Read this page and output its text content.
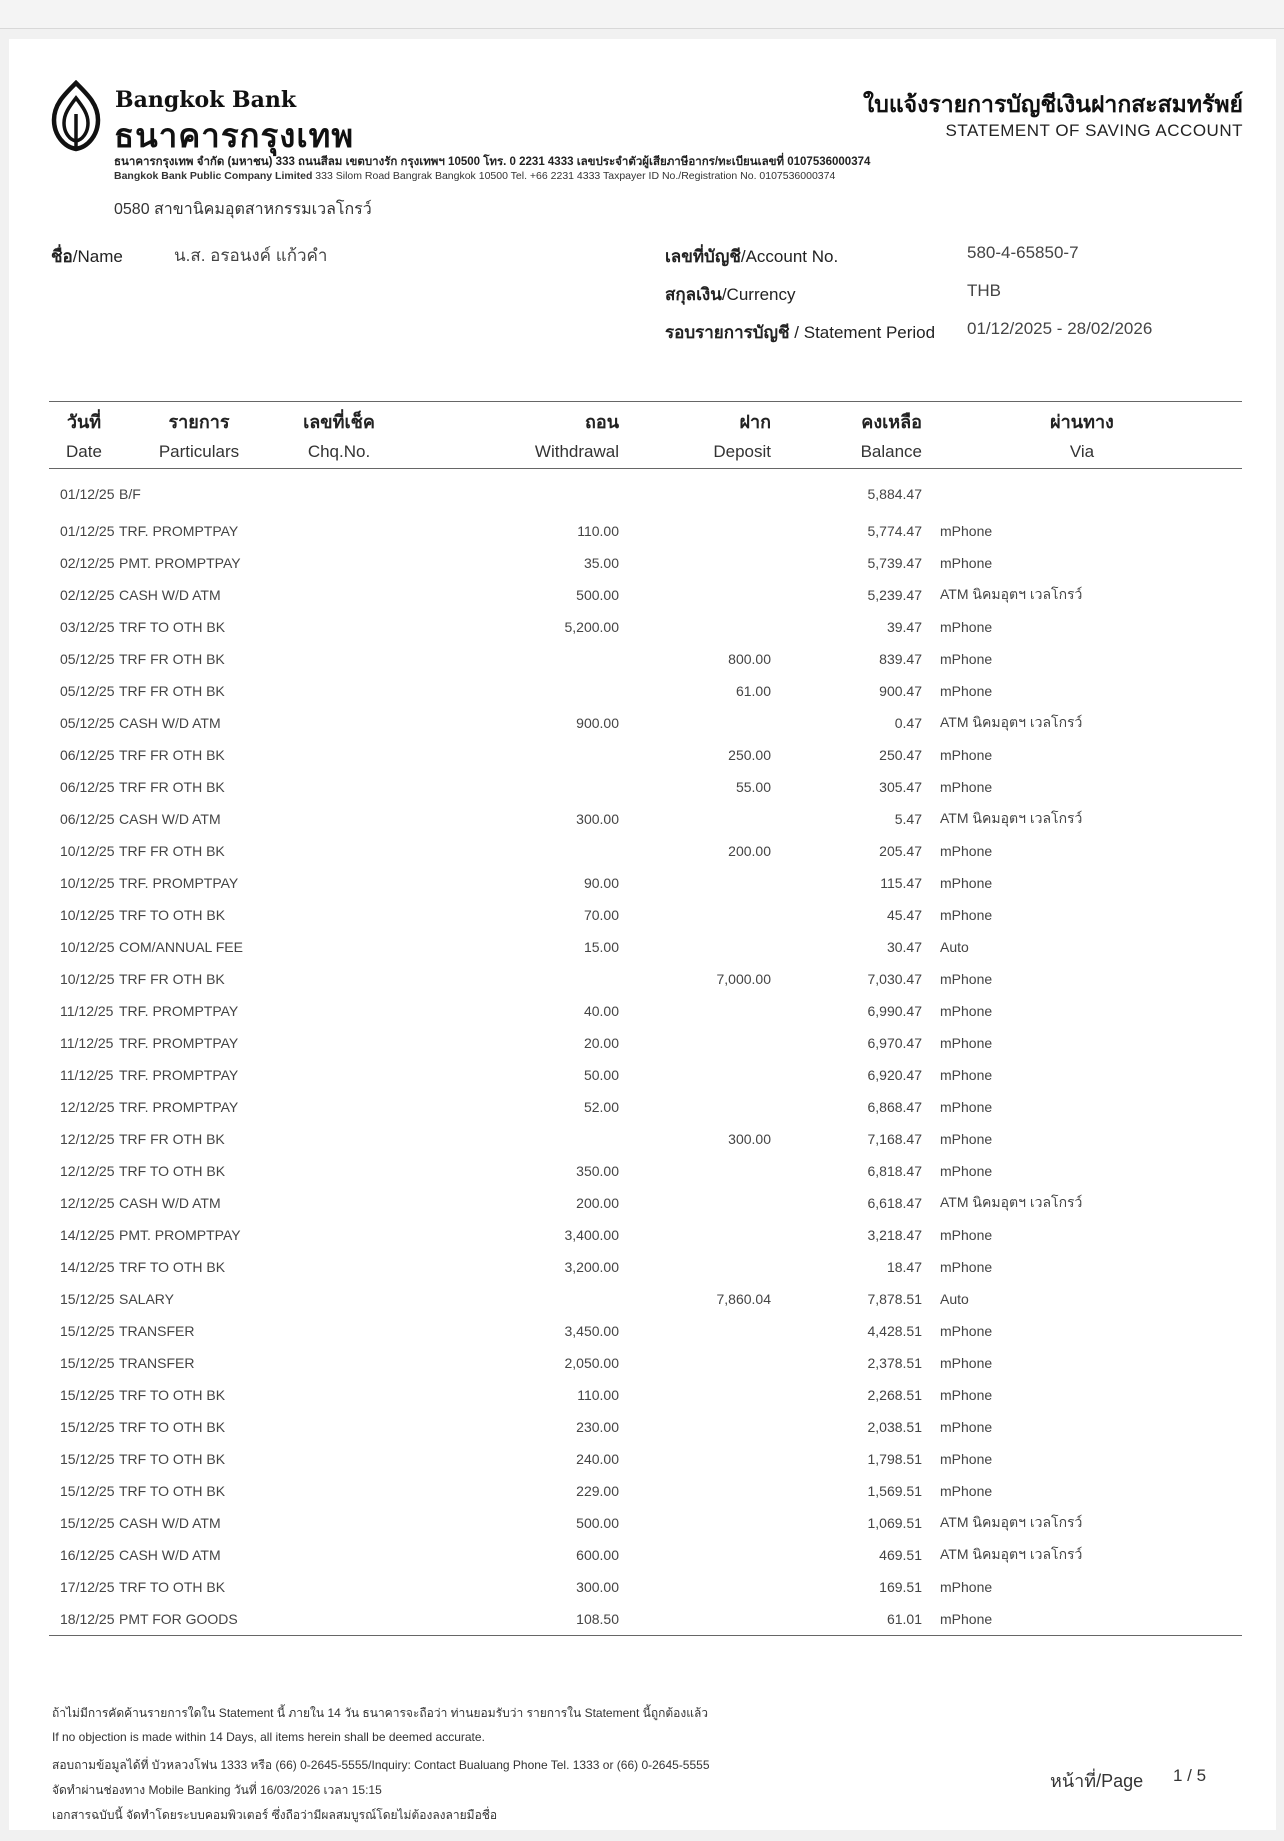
Bangkok Bank
ธนาคารกรุงเทพ
ธนาคารกรุงเทพ จำกัด (มหาชน) 333 ถนนสีลม เขตบางรัก กรุงเทพฯ 10500 โทร. 0 2231 4333 เลขประจำตัวผู้เสียภาษีอากร/ทะเบียนเลขที่ 0107536000374
Bangkok Bank Public Company Limited 333 Silom Road Bangrak Bangkok 10500 Tel. +66 2231 4333 Taxpayer ID No./Registration No. 0107536000374
0580 สาขานิคมอุตสาหกรรมเวลโกรว์
ใบแจ้งรายการบัญชีเงินฝากสะสมทรัพย์
STATEMENT OF SAVING ACCOUNT
ชื่อ/Name	น.ส. อรอนงค์ แก้วคำ	เลขที่บัญชี/Account No.	580-4-65850-7
สกุลเงิน/Currency	THB
รอบรายการบัญชี / Statement Period 01/12/2025 - 28/02/2026
วันที่	รายการ	เลขที่เช็ค	ถอน	ฝาก	คงเหลือ	ผ่านทาง
Date	Particulars	Chq.No.	Withdrawal	Deposit	Balance	Via
01/12/25	B/F				5,884.47	
01/12/25	TRF. PROMPTPAY		110.00		5,774.47	mPhone
02/12/25	PMT. PROMPTPAY		35.00		5,739.47	mPhone
02/12/25	CASH W/D ATM		500.00		5,239.47	ATM นิคมอุตฯ เวลโกรว์
03/12/25	TRF TO OTH BK		5,200.00		39.47	mPhone
05/12/25	TRF FR OTH BK			800.00	839.47	mPhone
05/12/25	TRF FR OTH BK			61.00	900.47	mPhone
05/12/25	CASH W/D ATM		900.00		0.47	ATM นิคมอุตฯ เวลโกรว์
06/12/25	TRF FR OTH BK			250.00	250.47	mPhone
06/12/25	TRF FR OTH BK			55.00	305.47	mPhone
06/12/25	CASH W/D ATM		300.00		5.47	ATM นิคมอุตฯ เวลโกรว์
10/12/25	TRF FR OTH BK			200.00	205.47	mPhone
10/12/25	TRF. PROMPTPAY		90.00		115.47	mPhone
10/12/25	TRF TO OTH BK		70.00		45.47	mPhone
10/12/25	COM/ANNUAL FEE		15.00		30.47	Auto
10/12/25	TRF FR OTH BK			7,000.00	7,030.47	mPhone
11/12/25	TRF. PROMPTPAY		40.00		6,990.47	mPhone
11/12/25	TRF. PROMPTPAY		20.00		6,970.47	mPhone
11/12/25	TRF. PROMPTPAY		50.00		6,920.47	mPhone
12/12/25	TRF. PROMPTPAY		52.00		6,868.47	mPhone
12/12/25	TRF FR OTH BK			300.00	7,168.47	mPhone
12/12/25	TRF TO OTH BK		350.00		6,818.47	mPhone
12/12/25	CASH W/D ATM		200.00		6,618.47	ATM นิคมอุตฯ เวลโกรว์
14/12/25	PMT. PROMPTPAY		3,400.00		3,218.47	mPhone
14/12/25	TRF TO OTH BK		3,200.00		18.47	mPhone
15/12/25	SALARY			7,860.04	7,878.51	Auto
15/12/25	TRANSFER		3,450.00		4,428.51	mPhone
15/12/25	TRANSFER		2,050.00		2,378.51	mPhone
15/12/25	TRF TO OTH BK		110.00		2,268.51	mPhone
15/12/25	TRF TO OTH BK		230.00		2,038.51	mPhone
15/12/25	TRF TO OTH BK		240.00		1,798.51	mPhone
15/12/25	TRF TO OTH BK		229.00		1,569.51	mPhone
15/12/25	CASH W/D ATM		500.00		1,069.51	ATM นิคมอุตฯ เวลโกรว์
16/12/25	CASH W/D ATM		600.00		469.51	ATM นิคมอุตฯ เวลโกรว์
17/12/25	TRF TO OTH BK		300.00		169.51	mPhone
18/12/25	PMT FOR GOODS		108.50		61.01	mPhone
ถ้าไม่มีการคัดค้านรายการใดใน Statement นี้ ภายใน 14 วัน ธนาคารจะถือว่า ท่านยอมรับว่า รายการใน Statement นี้ถูกต้องแล้ว
If no objection is made within 14 Days, all items herein shall be deemed accurate.
สอบถามข้อมูลได้ที่ บัวหลวงโฟน 1333 หรือ (66) 0-2645-5555/Inquiry: Contact Bualuang Phone Tel. 1333 or (66) 0-2645-5555
จัดทำผ่านช่องทาง Mobile Banking วันที่ 16/03/2026 เวลา 15:15
เอกสารฉบับนี้ จัดทำโดยระบบคอมพิวเตอร์ ซึ่งถือว่ามีผลสมบูรณ์โดยไม่ต้องลงลายมือชื่อ
หน้าที่/Page 1 / 5
